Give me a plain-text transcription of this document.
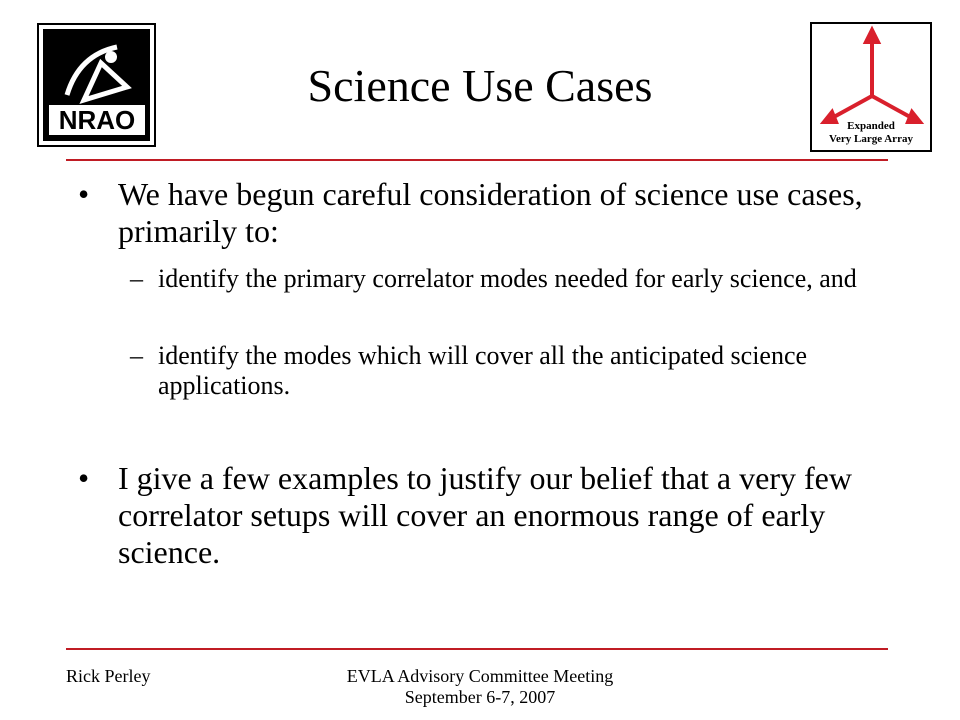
NRAO	Expanded
Very Large Array
Science Use Cases
• We have begun careful consideration of science use cases, primarily to:
– identify the primary correlator modes needed for early science, and
– identify the modes which will cover all the anticipated science applications.
• I give a few examples to justify our belief that a very few correlator setups will cover an enormous range of early science.
Rick Perley	EVLA Advisory Committee Meeting
September 6-7, 2007
